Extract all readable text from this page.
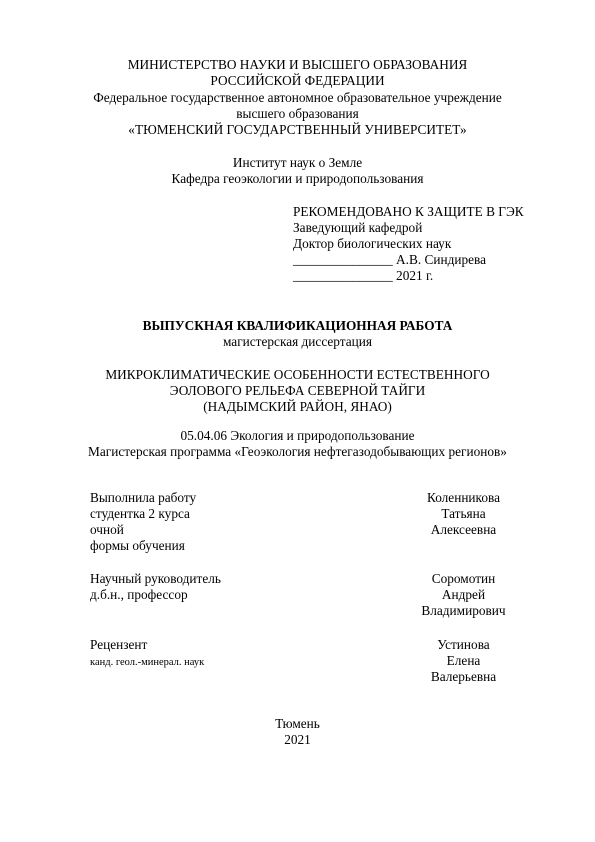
МИНИСТЕРСТВО НАУКИ И ВЫСШЕГО ОБРАЗОВАНИЯ
РОССИЙСКОЙ ФЕДЕРАЦИИ
Федеральное государственное автономное образовательное учреждение
высшего образования
«ТЮМЕНСКИЙ ГОСУДАРСТВЕННЫЙ УНИВЕРСИТЕТ»
Институт наук о Земле
Кафедра геоэкологии и природопользования
РЕКОМЕНДОВАНО К ЗАЩИТЕ В ГЭК
Заведующий кафедрой
Доктор биологических наук
_______________ А.В. Синдирева
_______________ 2021 г.
ВЫПУСКНАЯ КВАЛИФИКАЦИОННАЯ РАБОТА
магистерская диссертация
МИКРОКЛИМАТИЧЕСКИЕ ОСОБЕННОСТИ ЕСТЕСТВЕННОГО
ЭОЛОВОГО РЕЛЬЕФА СЕВЕРНОЙ ТАЙГИ
(НАДЫМСКИЙ РАЙОН, ЯНАО)
05.04.06 Экология и природопользование
Магистерская программа «Геоэкология нефтегазодобывающих регионов»
Выполнила работу
студентка 2 курса
очной
формы обучения
Коленникова
Татьяна
Алексеевна
Научный руководитель
д.б.н., профессор
Соромотин
Андрей
Владимирович
Рецензент
канд. геол.-минерал. наук
Устинова
Елена
Валерьевна
Тюмень
2021
